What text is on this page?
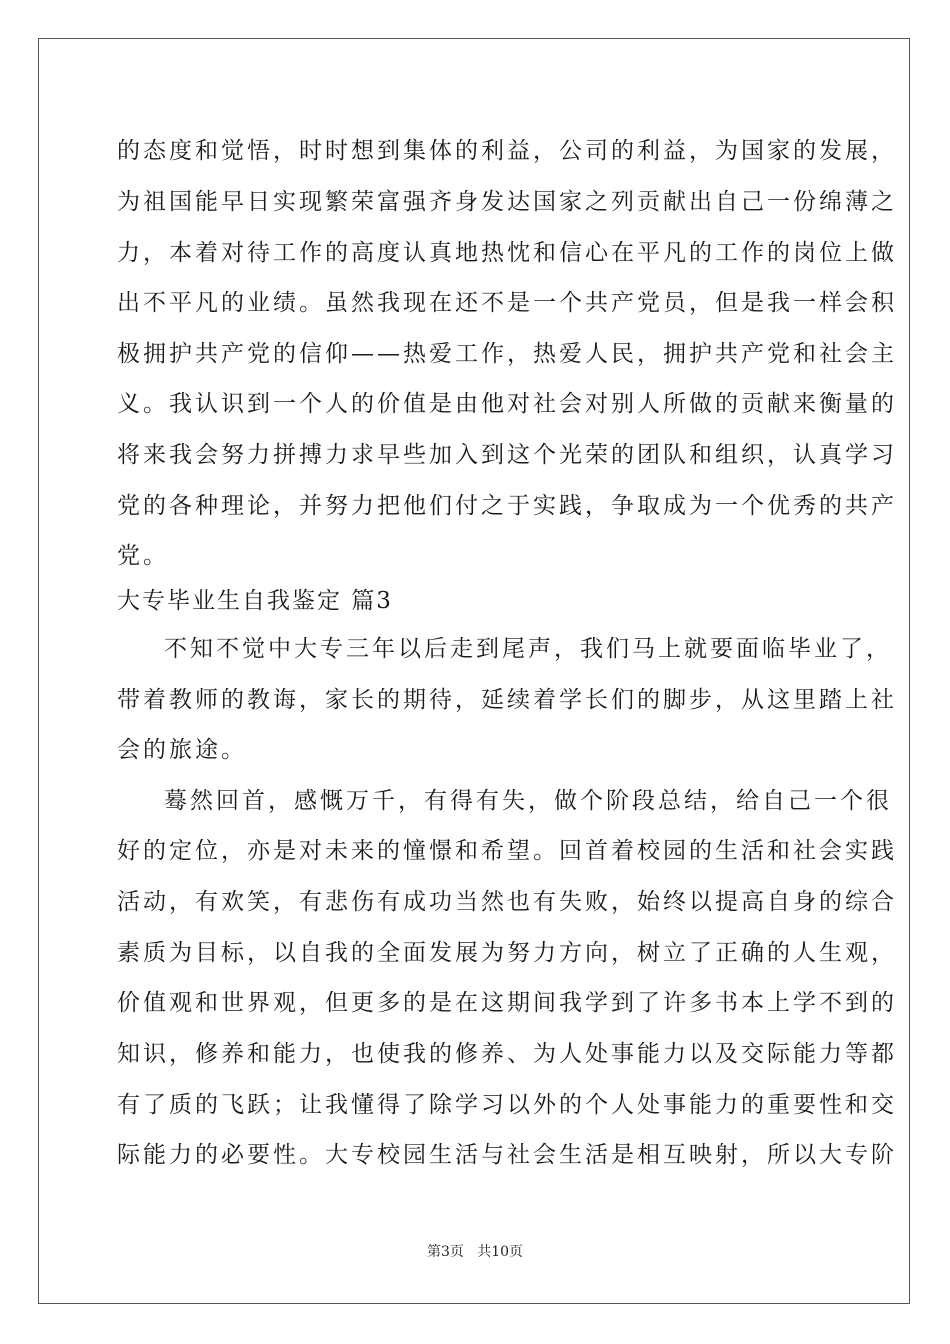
的态度和觉悟，时时想到集体的利益，公司的利益，为国家的发展，
为祖国能早日实现繁荣富强齐身发达国家之列贡献出自己一份绵薄之
力，本着对待工作的高度认真地热忱和信心在平凡的工作的岗位上做
出不平凡的业绩。虽然我现在还不是一个共产党员，但是我一样会积
极拥护共产党的信仰——热爱工作，热爱人民，拥护共产党和社会主
义。我认识到一个人的价值是由他对社会对别人所做的贡献来衡量的
将来我会努力拼搏力求早些加入到这个光荣的团队和组织，认真学习
党的各种理论，并努力把他们付之于实践，争取成为一个优秀的共产
党。
大专毕业生自我鉴定 篇3
不知不觉中大专三年以后走到尾声，我们马上就要面临毕业了，
带着教师的教诲，家长的期待，延续着学长们的脚步，从这里踏上社
会的旅途。
蓦然回首，感慨万千，有得有失，做个阶段总结，给自己一个很
好的定位，亦是对未来的憧憬和希望。回首着校园的生活和社会实践
活动，有欢笑，有悲伤有成功当然也有失败，始终以提高自身的综合
素质为目标，以自我的全面发展为努力方向，树立了正确的人生观，
价值观和世界观，但更多的是在这期间我学到了许多书本上学不到的
知识，修养和能力，也使我的修养、为人处事能力以及交际能力等都
有了质的飞跃；让我懂得了除学习以外的个人处事能力的重要性和交
际能力的必要性。大专校园生活与社会生活是相互映射，所以大专阶
第3页   共10页
